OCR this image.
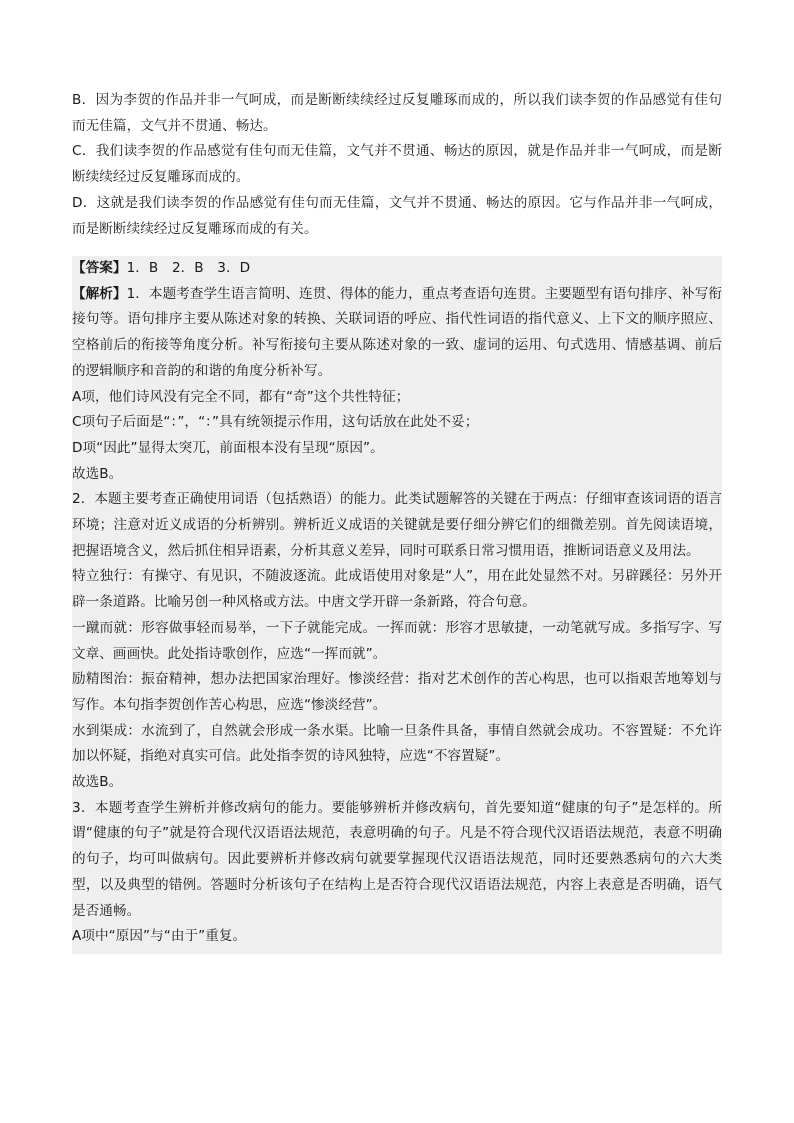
B．因为李贺的作品并非一气呵成，而是断断续续经过反复雕琢而成的，所以我们读李贺的作品感觉有佳句而无佳篇，文气并不贯通、畅达。

C．我们读李贺的作品感觉有佳句而无佳篇，文气并不贯通、畅达的原因，就是作品并非一气呵成，而是断断续续经过反复雕琢而成的。

D．这就是我们读李贺的作品感觉有佳句而无佳篇，文气并不贯通、畅达的原因。它与作品并非一气呵成，而是断断续续经过反复雕琢而成的有关。

【答案】1．B　2．B　3．D

【解析】1．本题考查学生语言简明、连贯、得体的能力，重点考查语句连贯。主要题型有语句排序、补写衔接句等。语句排序主要从陈述对象的转换、关联词语的呼应、指代性词语的指代意义、上下文的顺序照应、空格前后的衔接等角度分析。补写衔接句主要从陈述对象的一致、虚词的运用、句式选用、情感基调、前后的逻辑顺序和音韵的和谐的角度分析补写。

A项，他们诗风没有完全不同，都有“奇”这个共性特征；

C项句子后面是“：”，“：”具有统领提示作用，这句话放在此处不妥；

D项“因此”显得太突兀，前面根本没有呈现“原因”。

故选B。

2．本题主要考查正确使用词语（包括熟语）的能力。此类试题解答的关键在于两点：仔细审查该词语的语言环境；注意对近义成语的分析辨别。辨析近义成语的关键就是要仔细分辨它们的细微差别。首先阅读语境，把握语境含义，然后抓住相异语素，分析其意义差异，同时可联系日常习惯用语，推断词语意义及用法。

特立独行：有操守、有见识，不随波逐流。此成语使用对象是“人”，用在此处显然不对。另辟蹊径：另外开辟一条道路。比喻另创一种风格或方法。中唐文学开辟一条新路，符合句意。

一蹴而就：形容做事轻而易举，一下子就能完成。一挥而就：形容才思敏捷，一动笔就写成。多指写字、写文章、画画快。此处指诗歌创作，应选“一挥而就”。

励精图治：振奋精神，想办法把国家治理好。惨淡经营：指对艺术创作的苦心构思，也可以指艰苦地筹划与写作。本句指李贺创作苦心构思，应选“惨淡经营”。

水到渠成：水流到了，自然就会形成一条水渠。比喻一旦条件具备，事情自然就会成功。不容置疑：不允许加以怀疑，指绝对真实可信。此处指李贺的诗风独特，应选“不容置疑”。

故选B。

3．本题考查学生辨析并修改病句的能力。要能够辨析并修改病句，首先要知道“健康的句子”是怎样的。所谓“健康的句子”就是符合现代汉语语法规范，表意明确的句子。凡是不符合现代汉语语法规范，表意不明确的句子，均可叫做病句。因此要辨析并修改病句就要掌握现代汉语语法规范，同时还要熟悉病句的六大类型，以及典型的错例。答题时分析该句子在结构上是否符合现代汉语语法规范，内容上表意是否明确，语气是否通畅。

A项中“原因”与“由于”重复。
